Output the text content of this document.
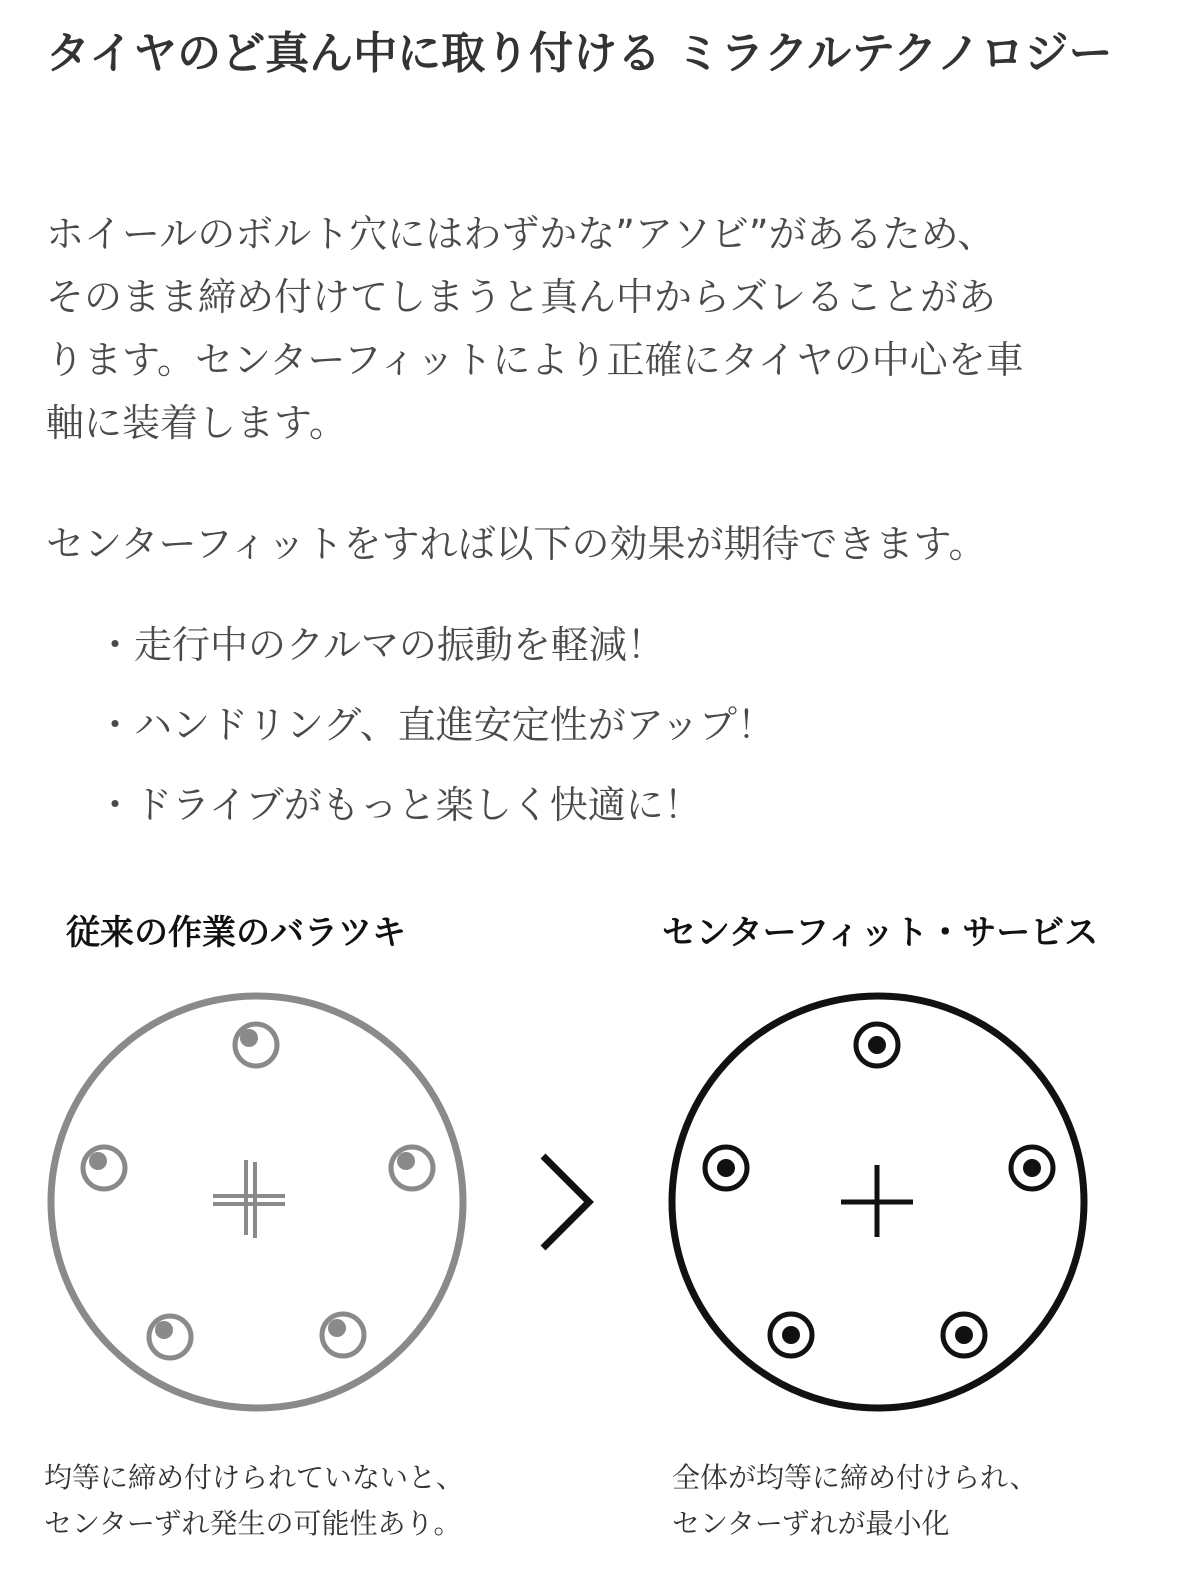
タイヤのど真ん中に取り付ける ミラクルテクノロジー

ホイールのボルト穴にはわずかな”アソビ”があるため、
そのまま締め付けてしまうと真ん中からズレることがあ
ります。センターフィットにより正確にタイヤの中心を車
軸に装着します。

センターフィットをすれば以下の効果が期待できます。

・走行中のクルマの振動を軽減！
・ハンドリング、直進安定性がアップ！
・ドライブがもっと楽しく快適に！
従来の作業のバラツキ	センターフィット・サービス
均等に締め付けられていないと、
センターずれ発生の可能性あり。
全体が均等に締め付けられ、
センターずれが最小化
